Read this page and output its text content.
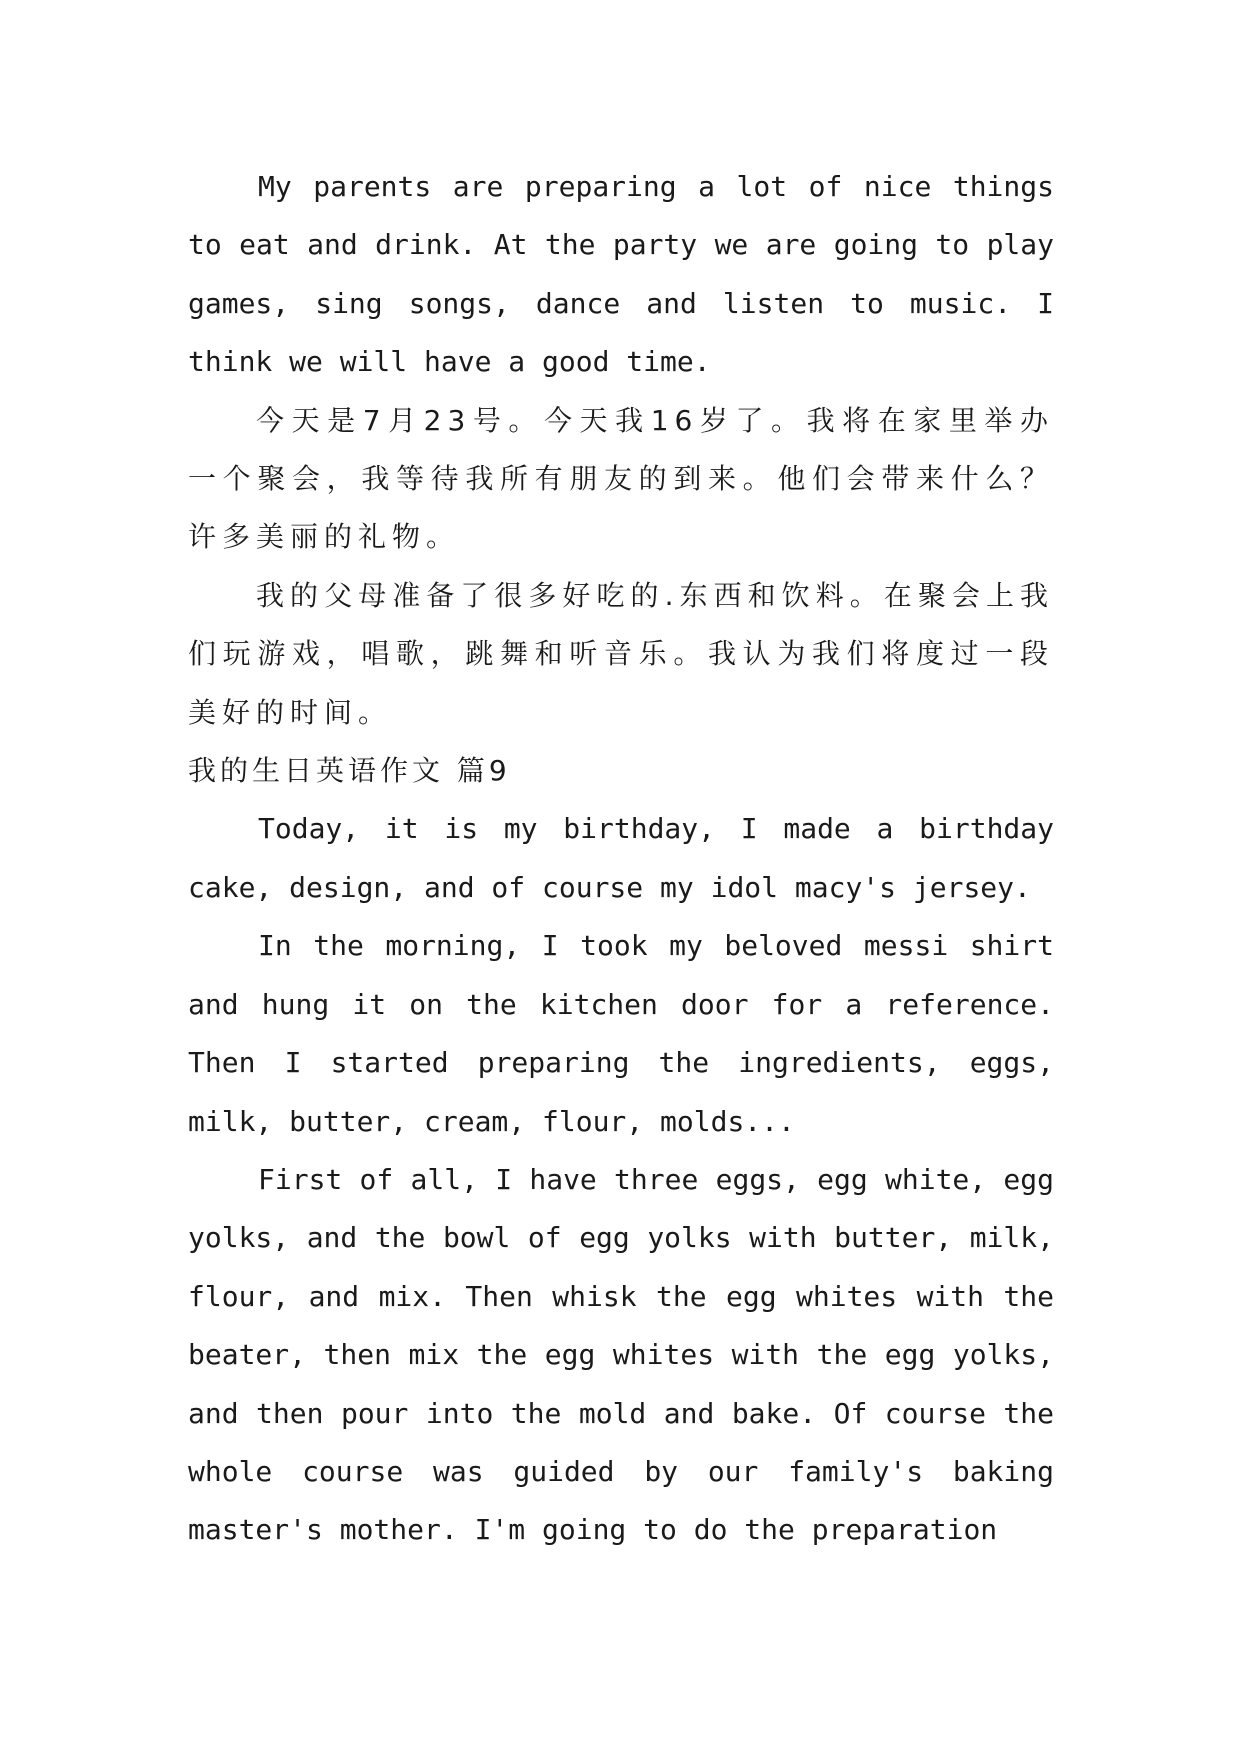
My parents are preparing a lot of nice things to eat and drink. At the party we are going to play games, sing songs, dance and listen to music. I think we will have a good time.

今天是7月23号。今天我16岁了。我将在家里举办一个聚会，我等待我所有朋友的到来。他们会带来什么？许多美丽的礼物。

我的父母准备了很多好吃的.东西和饮料。在聚会上我们玩游戏，唱歌，跳舞和听音乐。我认为我们将度过一段美好的时间。

我的生日英语作文 篇9

Today, it is my birthday, I made a birthday cake, design, and of course my idol macy's jersey.

In the morning, I took my beloved messi shirt and hung it on the kitchen door for a reference. Then I started preparing the ingredients, eggs, milk, butter, cream, flour, molds...

First of all, I have three eggs, egg white, egg yolks, and the bowl of egg yolks with butter, milk, flour, and mix. Then whisk the egg whites with the beater, then mix the egg whites with the egg yolks, and then pour into the mold and bake. Of course the whole course was guided by our family's baking master's mother. I'm going to do the preparation
